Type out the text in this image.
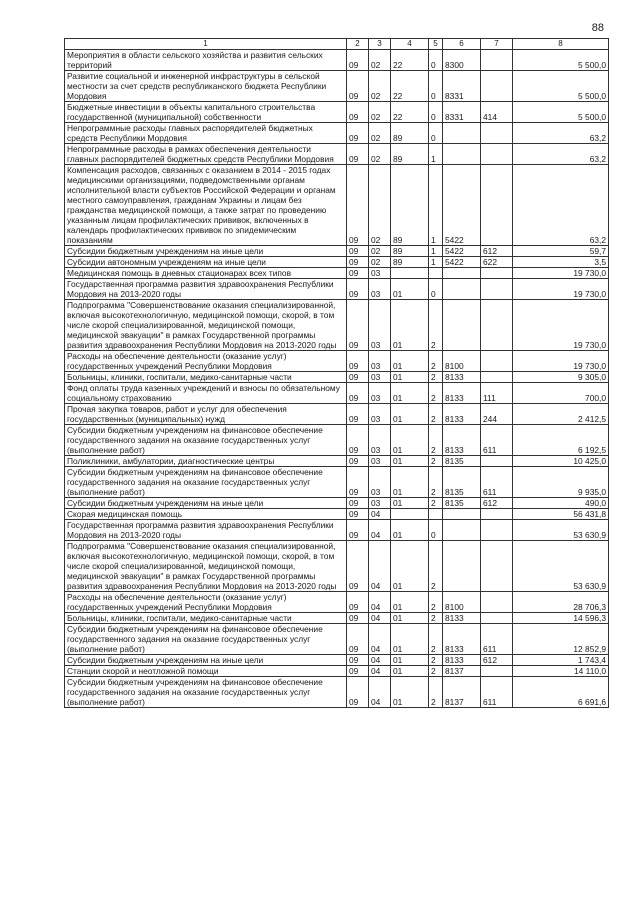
88
1	2	3	4	5	6	7	8
Мероприятия в области сельского хозяйства и развития сельских территорий	09	02	22	0	8300		5 500,0
Развитие социальной и инженерной инфраструктуры в сельской местности за счет средств республиканского бюджета Республики Мордовия	09	02	22	0	8331		5 500,0
Бюджетные инвестиции в объекты капитального строительства государственной (муниципальной) собственности	09	02	22	0	8331	414	5 500,0
Непрограммные расходы главных распорядителей бюджетных средств Республики Мордовия	09	02	89	0			63,2
Непрограммные расходы в рамках обеспечения деятельности главных распорядителей бюджетных средств Республики Мордовия	09	02	89	1			63,2
Компенсация расходов, связанных с оказанием в 2014 - 2015 годах медицинскими организациями, подведомственными органам исполнительной власти субъектов Российской Федерации и органам местного самоуправления, гражданам Украины и лицам без гражданства медицинской помощи, а также затрат по проведению указанным лицам профилактических прививок, включенных в календарь профилактических прививок по эпидемическим показаниям	09	02	89	1	5422		63,2
Субсидии бюджетным учреждениям на иные цели	09	02	89	1	5422	612	59,7
Субсидии автономным учреждениям на иные цели	09	02	89	1	5422	622	3,5
Медицинская помощь в дневных стационарах всех типов	09	03					19 730,0
Государственная программа развития здравоохранения Республики Мордовия на 2013-2020 годы	09	03	01	0			19 730,0
Подпрограмма "Совершенствование оказания специализированной, включая высокотехнологичную, медицинской помощи, скорой, в том числе скорой специализированной, медицинской помощи, медицинской эвакуации" в рамках Государственной программы развития здравоохранения Республики Мордовия на 2013-2020 годы	09	03	01	2			19 730,0
Расходы на обеспечение деятельности (оказание услуг) государственных учреждений Республики Мордовия	09	03	01	2	8100		19 730,0
Больницы, клиники, госпитали, медико-санитарные части	09	03	01	2	8133		9 305,0
Фонд оплаты труда казенных учреждений и взносы по обязательному социальному страхованию	09	03	01	2	8133	111	700,0
Прочая закупка товаров, работ и услуг для обеспечения государственных (муниципальных) нужд	09	03	01	2	8133	244	2 412,5
Субсидии бюджетным учреждениям на финансовое обеспечение государственного задания на оказание государственных услуг (выполнение работ)	09	03	01	2	8133	611	6 192,5
Поликлиники, амбулатории, диагностические центры	09	03	01	2	8135		10 425,0
Субсидии бюджетным учреждениям на финансовое обеспечение государственного задания на оказание государственных услуг (выполнение работ)	09	03	01	2	8135	611	9 935,0
Субсидии бюджетным учреждениям на иные цели	09	03	01	2	8135	612	490,0
Скорая медицинская помощь	09	04					56 431,8
Государственная программа развития здравоохранения Республики Мордовия на 2013-2020 годы	09	04	01	0			53 630,9
Подпрограмма "Совершенствование оказания специализированной, включая высокотехнологичную, медицинской помощи, скорой, в том числе скорой специализированной, медицинской помощи, медицинской эвакуации" в рамках Государственной программы развития здравоохранения Республики Мордовия на 2013-2020 годы	09	04	01	2			53 630,9
Расходы на обеспечение деятельности (оказание услуг) государственных учреждений Республики Мордовия	09	04	01	2	8100		28 706,3
Больницы, клиники, госпитали, медико-санитарные части	09	04	01	2	8133		14 596,3
Субсидии бюджетным учреждениям на финансовое обеспечение государственного задания на оказание государственных услуг (выполнение работ)	09	04	01	2	8133	611	12 852,9
Субсидии бюджетным учреждениям на иные цели	09	04	01	2	8133	612	1 743,4
Станции скорой и неотложной помощи	09	04	01	2	8137		14 110,0
Субсидии бюджетным учреждениям на финансовое обеспечение государственного задания на оказание государственных услуг (выполнение работ)	09	04	01	2	8137	611	6 691,6
